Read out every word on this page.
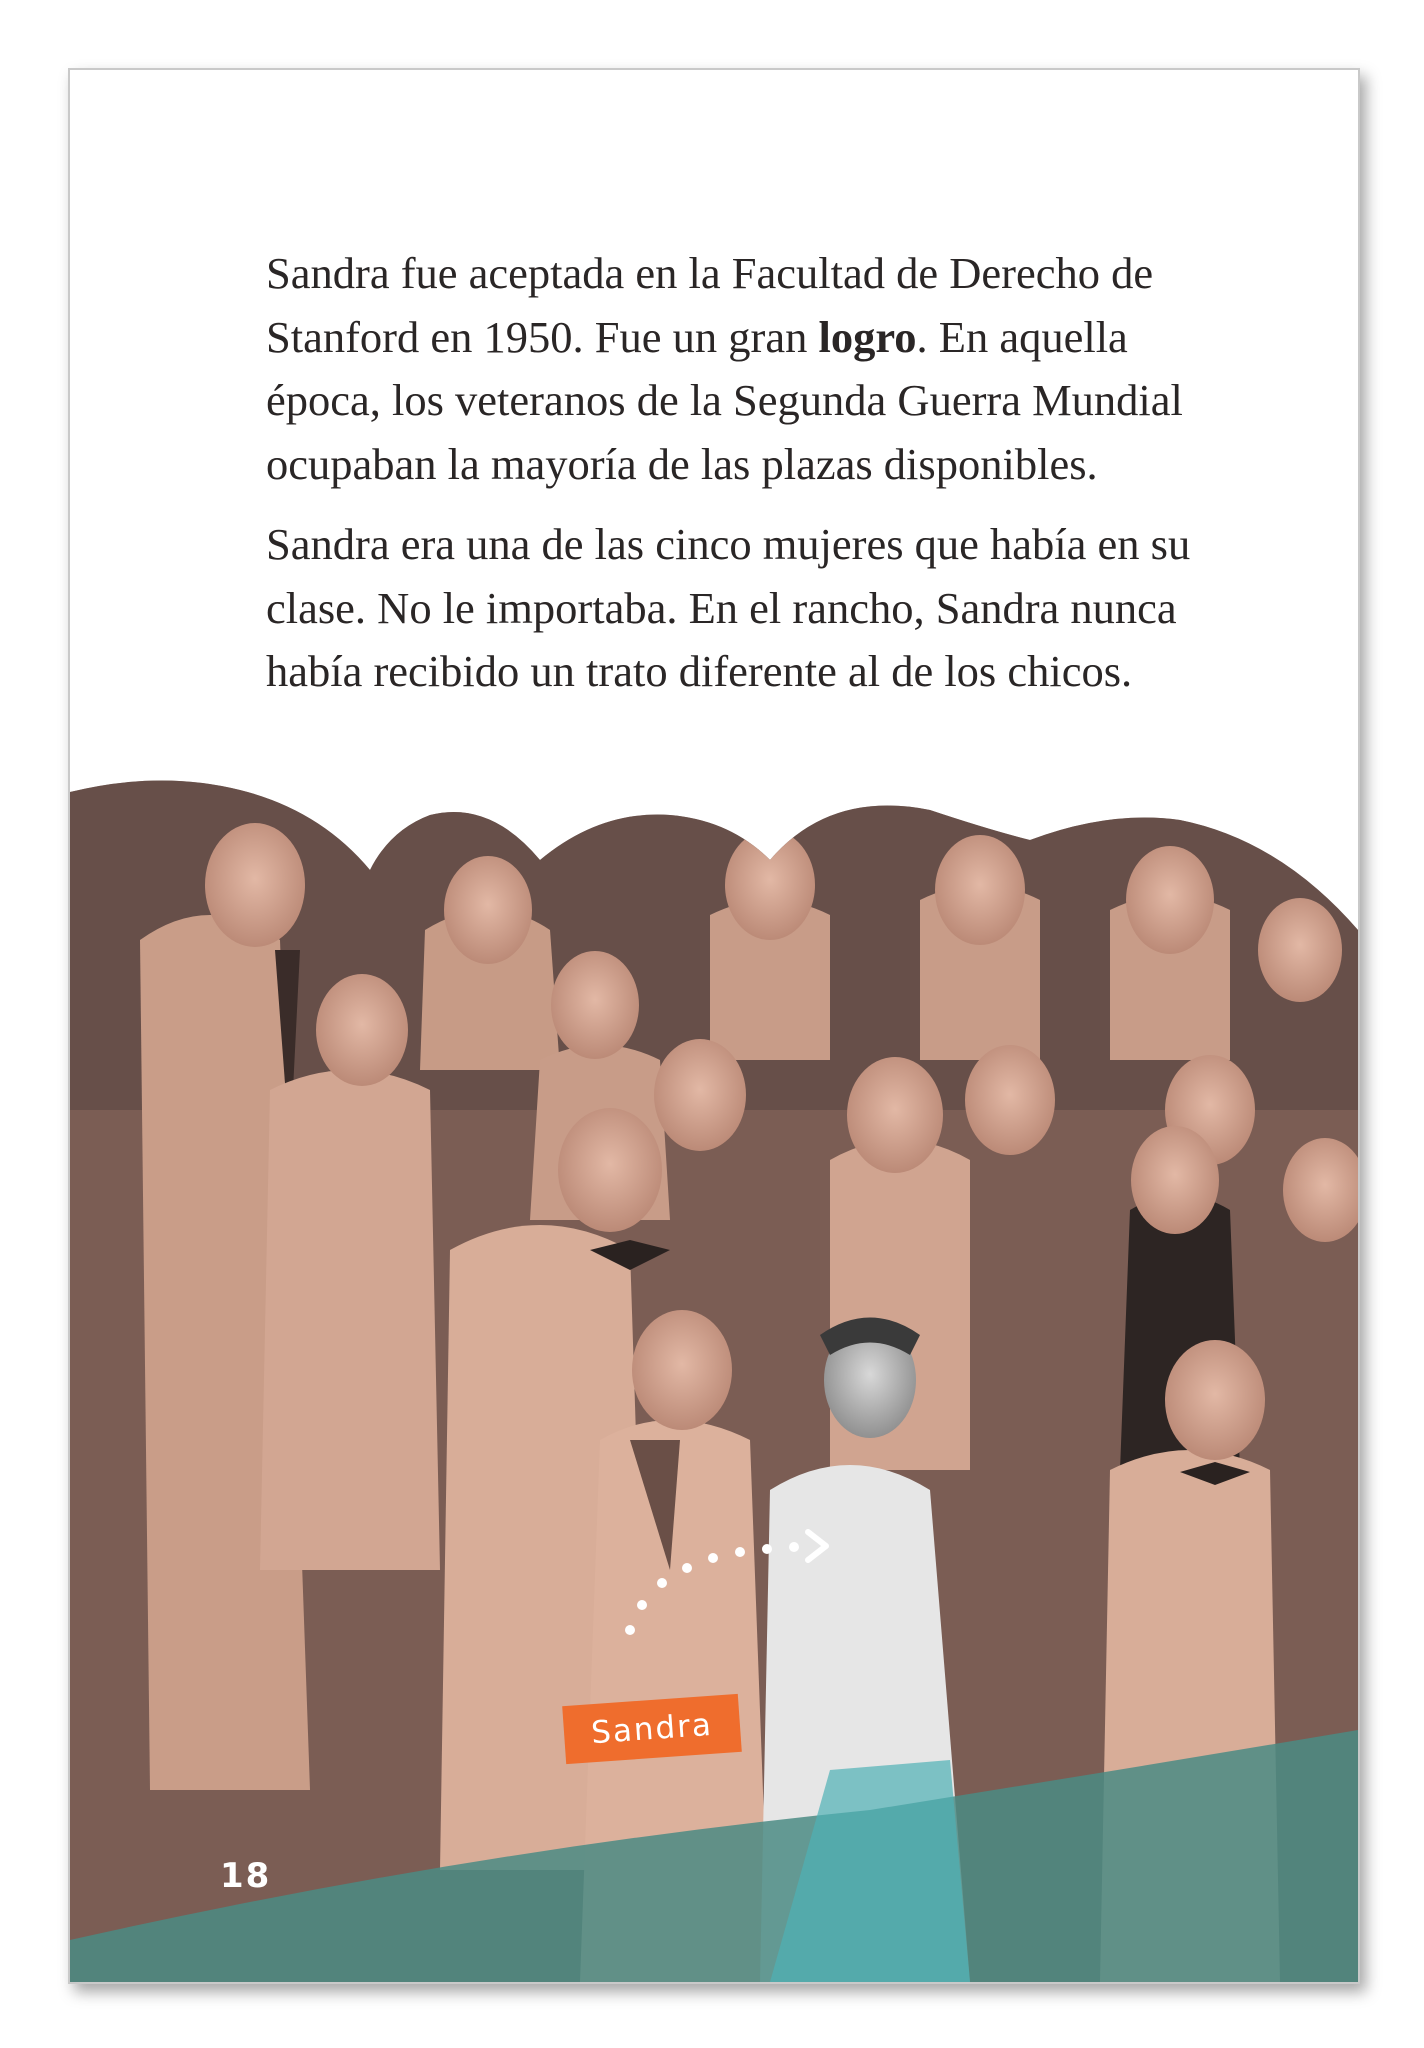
Sandra fue aceptada en la Facultad de Derecho de Stanford en 1950. Fue un gran logro. En aquella época, los veteranos de la Segunda Guerra Mundial ocupaban la mayoría de las plazas disponibles.

Sandra era una de las cinco mujeres que había en su clase. No le importaba. En el rancho, Sandra nunca había recibido un trato diferente al de los chicos.

Sandra
18
